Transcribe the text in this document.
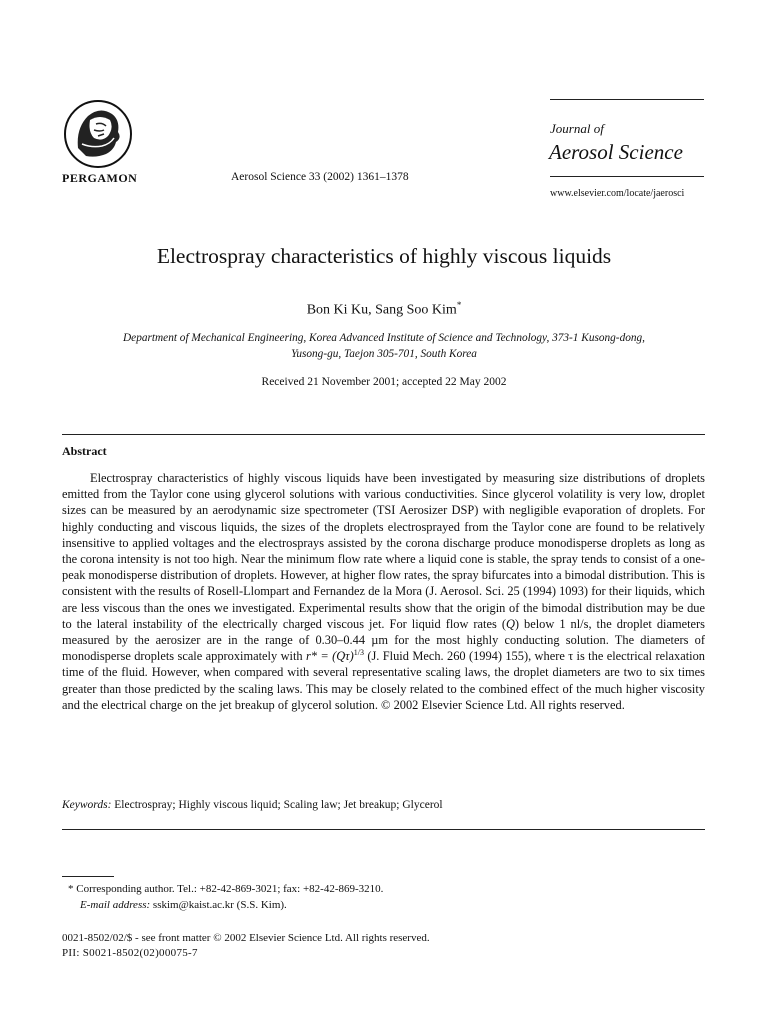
PERGAMON	Aerosol Science 33 (2002) 1361–1378
Journal of
Aerosol Science
www.elsevier.com/locate/jaerosci
Electrospray characteristics of highly viscous liquids
Bon Ki Ku, Sang Soo Kim*
Department of Mechanical Engineering, Korea Advanced Institute of Science and Technology, 373-1 Kusong-dong,
Yusong-gu, Taejon 305-701, South Korea
Received 21 November 2001; accepted 22 May 2002
Abstract

Electrospray characteristics of highly viscous liquids have been investigated by measuring size distributions of droplets emitted from the Taylor cone using glycerol solutions with various conductivities. Since glycerol volatility is very low, droplet sizes can be measured by an aerodynamic size spectrometer (TSI Aerosizer DSP) with negligible evaporation of droplets. For highly conducting and viscous liquids, the sizes of the droplets electrosprayed from the Taylor cone are found to be relatively insensitive to applied voltages and the electrosprays assisted by the corona discharge produce monodisperse droplets as long as the corona intensity is not too high. Near the minimum flow rate where a liquid cone is stable, the spray tends to consist of a one-peak monodisperse distribution of droplets. However, at higher flow rates, the spray bifurcates into a bimodal distribution. This is consistent with the results of Rosell-Llompart and Fernandez de la Mora (J. Aerosol. Sci. 25 (1994) 1093) for their liquids, which are less viscous than the ones we investigated. Experimental results show that the origin of the bimodal distribution may be due to the lateral instability of the electrically charged viscous jet. For liquid flow rates (Q) below 1 nl/s, the droplet diameters measured by the aerosizer are in the range of 0.30–0.44 µm for the most highly conducting solution. The diameters of monodisperse droplets scale approximately with $r* = (Q\tau)^{1/3}$ (J. Fluid Mech. 260 (1994) 155), where τ is the electrical relaxation time of the fluid. However, when compared with several representative scaling laws, the droplet diameters are two to six times greater than those predicted by the scaling laws. This may be closely related to the combined effect of the much higher viscosity and the electrical charge on the jet breakup of glycerol solution. © 2002 Elsevier Science Ltd. All rights reserved.

Keywords: Electrospray; Highly viscous liquid; Scaling law; Jet breakup; Glycerol
* Corresponding author. Tel.: +82-42-869-3021; fax: +82-42-869-3210.
E-mail address: sskim@kaist.ac.kr (S.S. Kim).
0021-8502/02/$ - see front matter © 2002 Elsevier Science Ltd. All rights reserved.
PII: S0021-8502(02)00075-7
